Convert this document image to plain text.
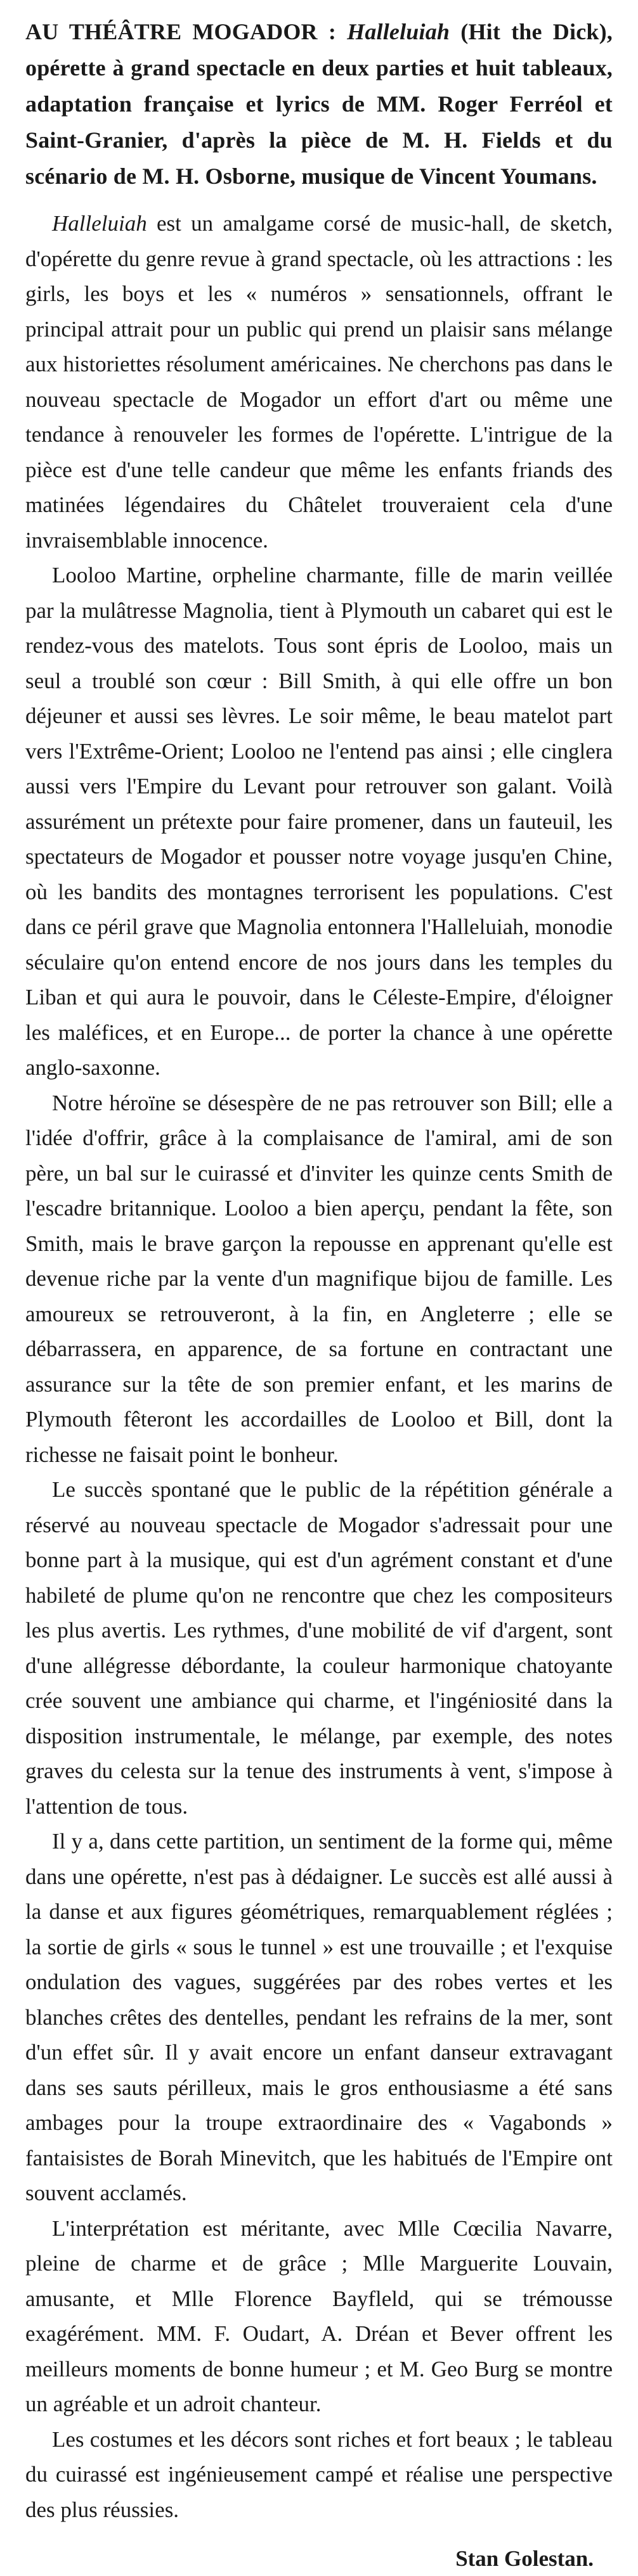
AU THÉÂTRE MOGADOR : Halleluiah (Hit the Dick), opérette à grand spectacle en deux parties et huit tableaux, adaptation française et lyrics de MM. Roger Ferréol et Saint-Granier, d'après la pièce de M. H. Fields et du scénario de M. H. Osborne, musique de Vincent Youmans.

Halleluiah est un amalgame corsé de music-hall, de sketch, d'opérette du genre revue à grand spectacle, où les attractions : les girls, les boys et les « numéros » sensationnels, offrant le principal attrait pour un public qui prend un plaisir sans mélange aux historiettes résolument américaines. Ne cherchons pas dans le nouveau spectacle de Mogador un effort d'art ou même une tendance à renouveler les formes de l'opérette. L'intrigue de la pièce est d'une telle candeur que même les enfants friands des matinées légendaires du Châtelet trouveraient cela d'une invraisemblable innocence.

Looloo Martine, orpheline charmante, fille de marin veillée par la mulâtresse Magnolia, tient à Plymouth un cabaret qui est le rendez-vous des matelots. Tous sont épris de Looloo, mais un seul a troublé son cœur : Bill Smith, à qui elle offre un bon déjeuner et aussi ses lèvres. Le soir même, le beau matelot part vers l'Extrême-Orient; Looloo ne l'entend pas ainsi ; elle cinglera aussi vers l'Empire du Levant pour retrouver son galant. Voilà assurément un prétexte pour faire promener, dans un fauteuil, les spectateurs de Mogador et pousser notre voyage jusqu'en Chine, où les bandits des montagnes terrorisent les populations. C'est dans ce péril grave que Magnolia entonnera l'Halleluiah, monodie séculaire qu'on entend encore de nos jours dans les temples du Liban et qui aura le pouvoir, dans le Céleste-Empire, d'éloigner les maléfices, et en Europe... de porter la chance à une opérette anglo-saxonne.

Notre héroïne se désespère de ne pas retrouver son Bill; elle a l'idée d'offrir, grâce à la complaisance de l'amiral, ami de son père, un bal sur le cuirassé et d'inviter les quinze cents Smith de l'escadre britannique. Looloo a bien aperçu, pendant la fête, son Smith, mais le brave garçon la repousse en apprenant qu'elle est devenue riche par la vente d'un magnifique bijou de famille. Les amoureux se retrouveront, à la fin, en Angleterre ; elle se débarrassera, en apparence, de sa fortune en contractant une assurance sur la tête de son premier enfant, et les marins de Plymouth fêteront les accordailles de Looloo et Bill, dont la richesse ne faisait point le bonheur.

Le succès spontané que le public de la répétition générale a réservé au nouveau spectacle de Mogador s'adressait pour une bonne part à la musique, qui est d'un agrément constant et d'une habileté de plume qu'on ne rencontre que chez les compositeurs les plus avertis. Les rythmes, d'une mobilité de vif d'argent, sont d'une allégresse débordante, la couleur harmonique chatoyante crée souvent une ambiance qui charme, et l'ingéniosité dans la disposition instrumentale, le mélange, par exemple, des notes graves du celesta sur la tenue des instruments à vent, s'impose à l'attention de tous.

Il y a, dans cette partition, un sentiment de la forme qui, même dans une opérette, n'est pas à dédaigner. Le succès est allé aussi à la danse et aux figures géométriques, remarquablement réglées ; la sortie de girls « sous le tunnel » est une trouvaille ; et l'exquise ondulation des vagues, suggérées par des robes vertes et les blanches crêtes des dentelles, pendant les refrains de la mer, sont d'un effet sûr. Il y avait encore un enfant danseur extravagant dans ses sauts périlleux, mais le gros enthousiasme a été sans ambages pour la troupe extraordinaire des « Vagabonds » fantaisistes de Borah Minevitch, que les habitués de l'Empire ont souvent acclamés.

L'interprétation est méritante, avec Mlle Cœcilia Navarre, pleine de charme et de grâce ; Mlle Marguerite Louvain, amusante, et Mlle Florence Bayfleld, qui se trémousse exagérément. MM. F. Oudart, A. Dréan et Bever offrent les meilleurs moments de bonne humeur ; et M. Geo Burg se montre un agréable et un adroit chanteur.

Les costumes et les décors sont riches et fort beaux ; le tableau du cuirassé est ingénieusement campé et réalise une perspective des plus réussies.

Stan Golestan.
